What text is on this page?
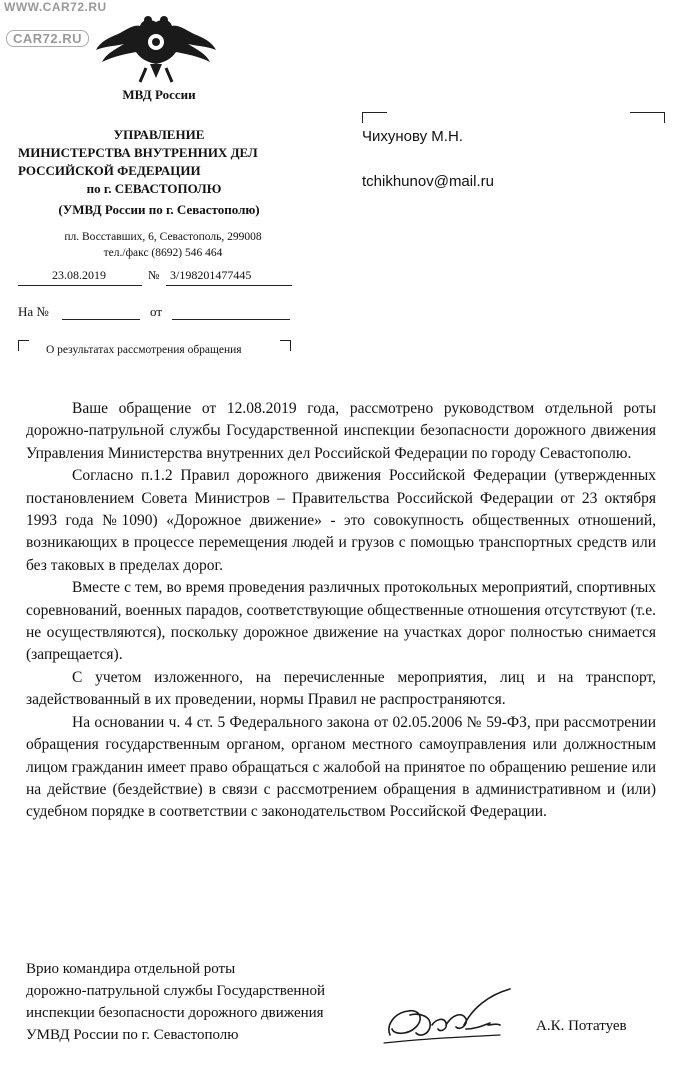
WWW.CAR72.RU
CAR72.RU
МВД России
УПРАВЛЕНИЕ
МИНИСТЕРСТВА ВНУТРЕННИХ ДЕЛ
РОССИЙСКОЙ ФЕДЕРАЦИИ
по г. СЕВАСТОПОЛЮ
(УМВД России по г. Севастополю)
пл. Восставших, 6, Севастополь, 299008
тел./факс (8692) 546 464
23.08.2019	№ 3/198201477445
На №	от
О результатах рассмотрения обращения
Чихунову М.Н.
tchikhunov@mail.ru

Ваше обращение от 12.08.2019 года, рассмотрено руководством отдельной роты дорожно-патрульной службы Государственной инспекции безопасности дорожного движения Управления Министерства внутренних дел Российской Федерации по городу Севастополю.

Согласно п.1.2 Правил дорожного движения Российской Федерации (утвержденных постановлением Совета Министров – Правительства Российской Федерации от 23 октября 1993 года №1090) «Дорожное движение» - это совокупность общественных отношений, возникающих в процессе перемещения людей и грузов с помощью транспортных средств или без таковых в пределах дорог.

Вместе с тем, во время проведения различных протокольных мероприятий, спортивных соревнований, военных парадов, соответствующие общественные отношения отсутствуют (т.е. не осуществляются), поскольку дорожное движение на участках дорог полностью снимается (запрещается).

С учетом изложенного, на перечисленные мероприятия, лиц и на транспорт, задействованный в их проведении, нормы Правил не распространяются.

На основании ч. 4 ст. 5 Федерального закона от 02.05.2006 № 59-ФЗ, при рассмотрении обращения государственным органом, органом местного самоуправления или должностным лицом гражданин имеет право обращаться с жалобой на принятое по обращению решение или на действие (бездействие) в связи с рассмотрением обращения в административном и (или) судебном порядке в соответствии с законодательством Российской Федерации.

Врио командира отдельной роты
дорожно-патрульной службы Государственной
инспекции безопасности дорожного движения
УМВД России по г. Севастополю
А.К. Потатуев
